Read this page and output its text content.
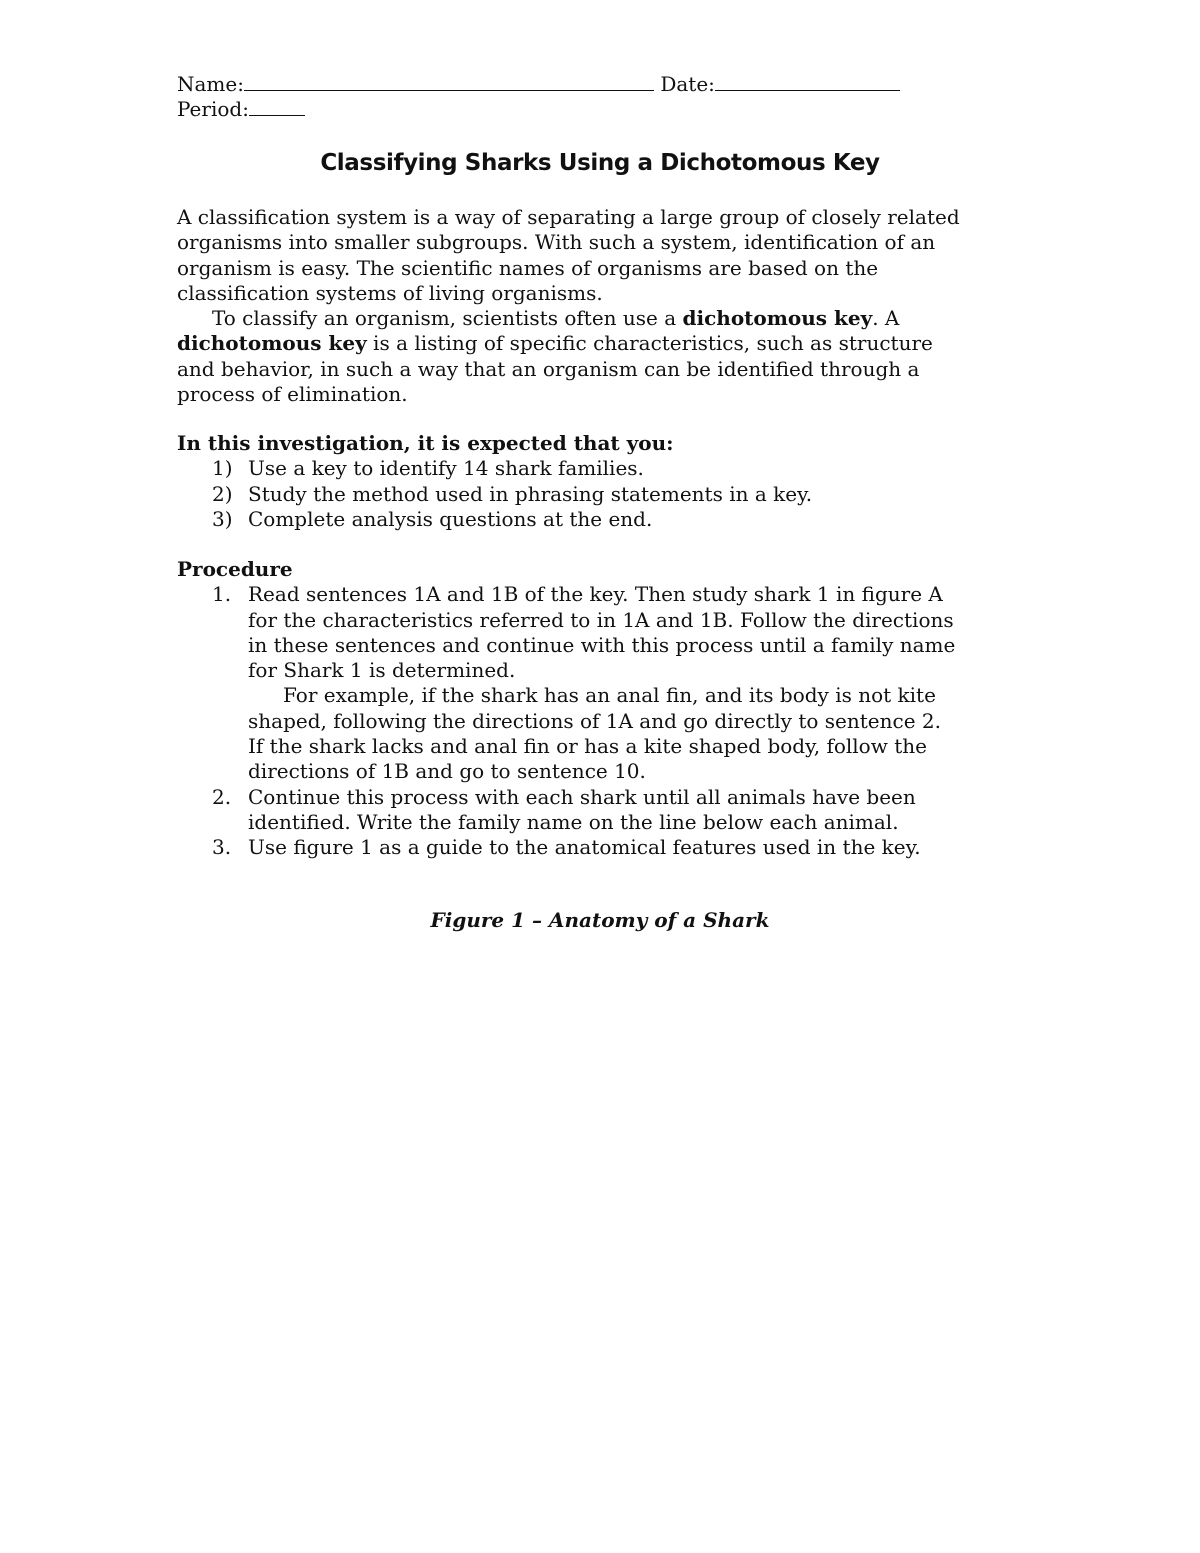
Name:	Date:
Period:
Classifying Sharks Using a Dichotomous Key
A classification system is a way of separating a large group of closely related
organisms into smaller subgroups. With such a system, identification of an
organism is easy. The scientific names of organisms are based on the
classification systems of living organisms.
To classify an organism, scientists often use a dichotomous key. A
dichotomous key is a listing of specific characteristics, such as structure
and behavior, in such a way that an organism can be identified through a
process of elimination.
In this investigation, it is expected that you:
1) Use a key to identify 14 shark families.
2) Study the method used in phrasing statements in a key.
3) Complete analysis questions at the end.
Procedure
1. Read sentences 1A and 1B of the key. Then study shark 1 in figure A
for the characteristics referred to in 1A and 1B. Follow the directions
in these sentences and continue with this process until a family name
for Shark 1 is determined.
For example, if the shark has an anal fin, and its body is not kite
shaped, following the directions of 1A and go directly to sentence 2.
If the shark lacks and anal fin or has a kite shaped body, follow the
directions of 1B and go to sentence 10.
2. Continue this process with each shark until all animals have been
identified. Write the family name on the line below each animal.
3. Use figure 1 as a guide to the anatomical features used in the key.
Figure 1 – Anatomy of a Shark
